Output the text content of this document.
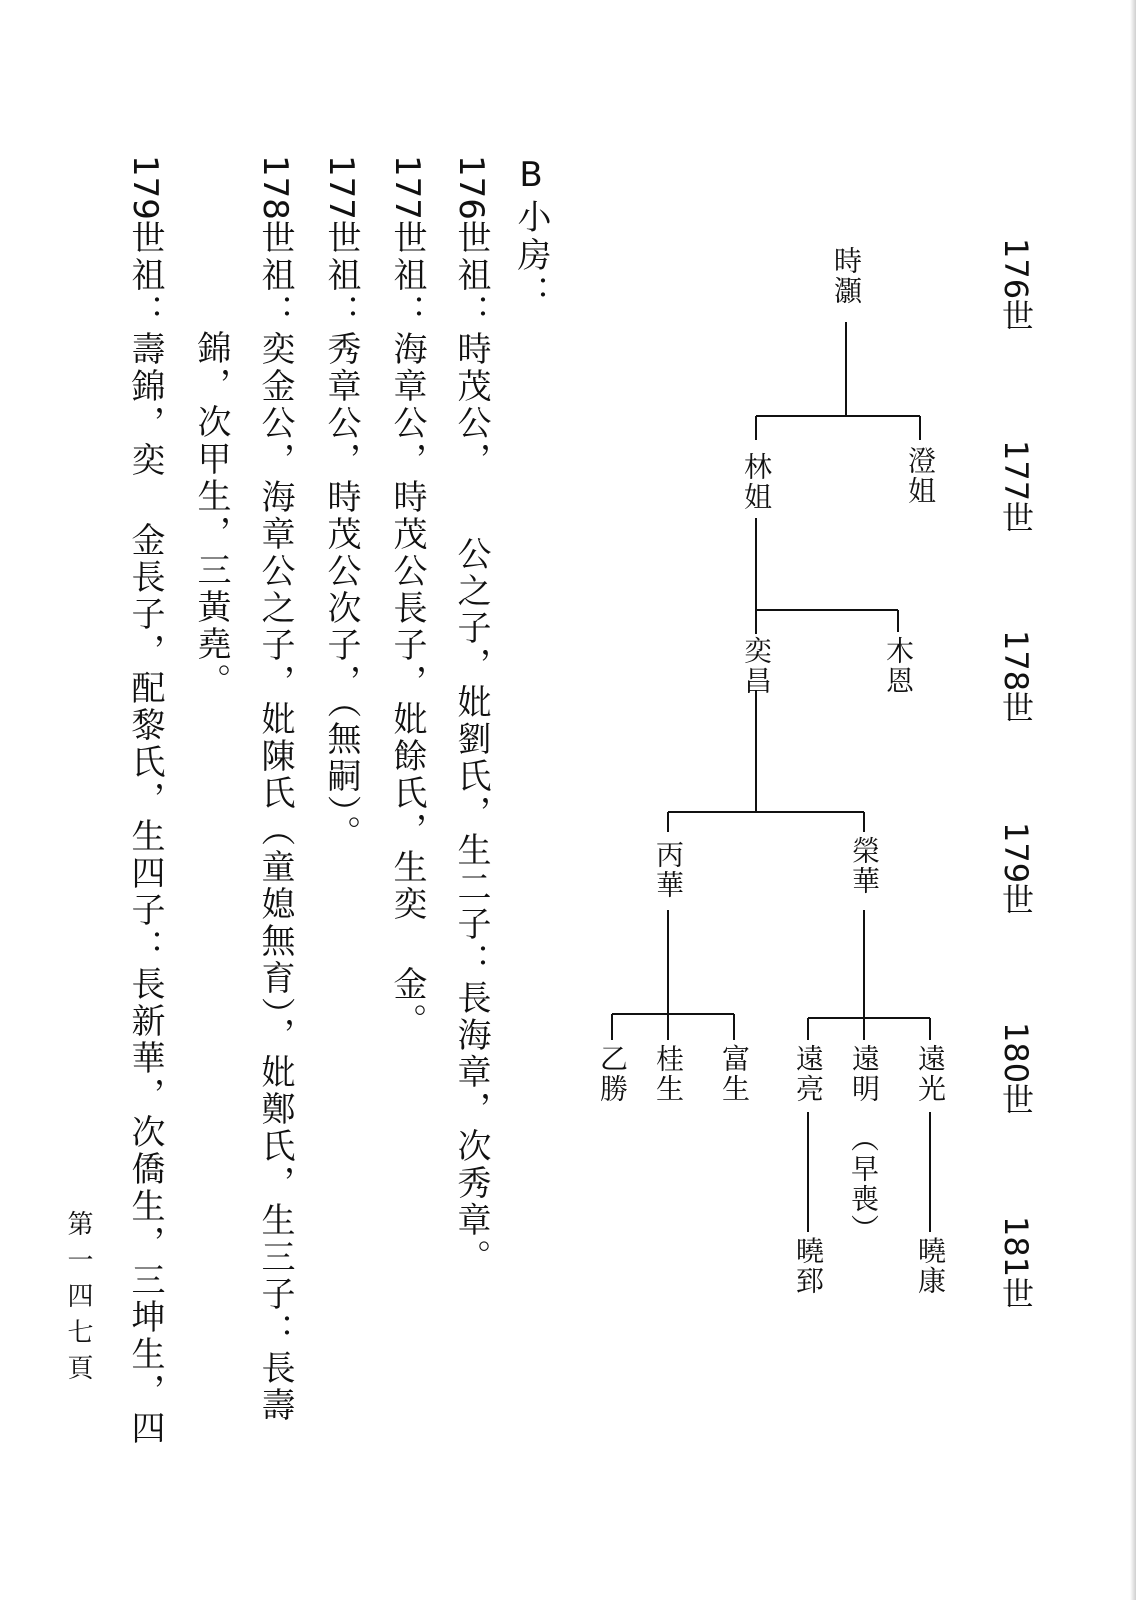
176世
177世
178世
179世
180世
181世
時灝
澄姐
林姐
木恩
奕昌
榮華
丙華
遠光
遠明
（早喪）
遠亮
富生
桂生
乙勝
曉康
曉郅
B小房：
176世祖：時茂公，　　公之子，妣劉氏，生二子：長海章，次秀章。
177世祖：海章公，時茂公長子，妣餘氏，生奕 金。
177世祖：秀章公，時茂公次子，（無嗣）。
178世祖：奕金公，海章公之子，妣陳氏（童媳無育），妣鄭氏，生三子：長壽
錦，次甲生，三黃堯。
179世祖：壽錦，奕 金長子，配黎氏，生四子：長新華，次僑生，三坤生，四
第一四七頁
